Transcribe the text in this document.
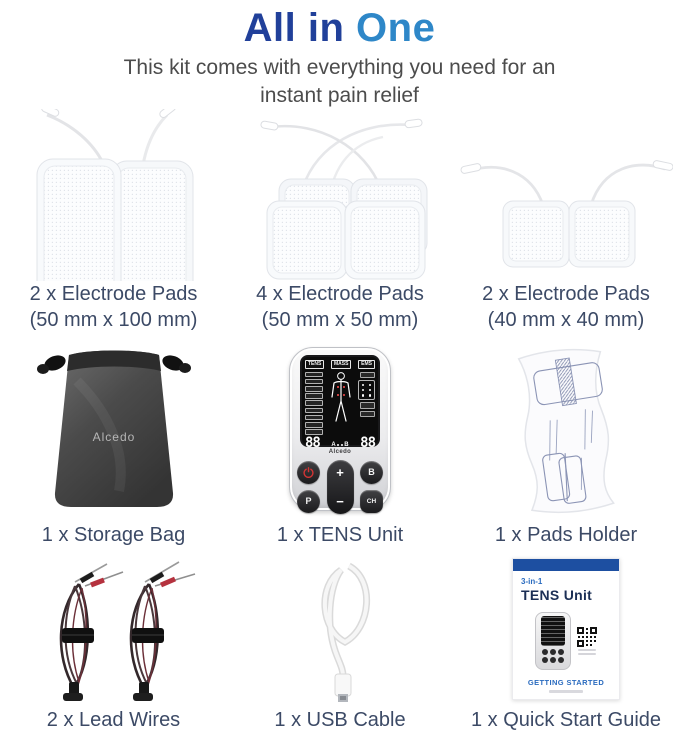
All in One
This kit comes with everything you need for an
instant pain relief
2 x Electrode Pads
(50 mm x 100 mm)
4 x Electrode Pads
(50 mm x 50 mm)
2 x Electrode Pads
(40 mm x 40 mm)
Alcedo
1 x Storage Bag
TENS	MASS	EMS
88 A B 88
Alcedo
+
−
B
P	CH
1 x TENS Unit	1 x Pads Holder
2 x Lead Wires	1 x USB Cable
3-in-1
TENS Unit
GETTING STARTED
1 x Quick Start Guide
